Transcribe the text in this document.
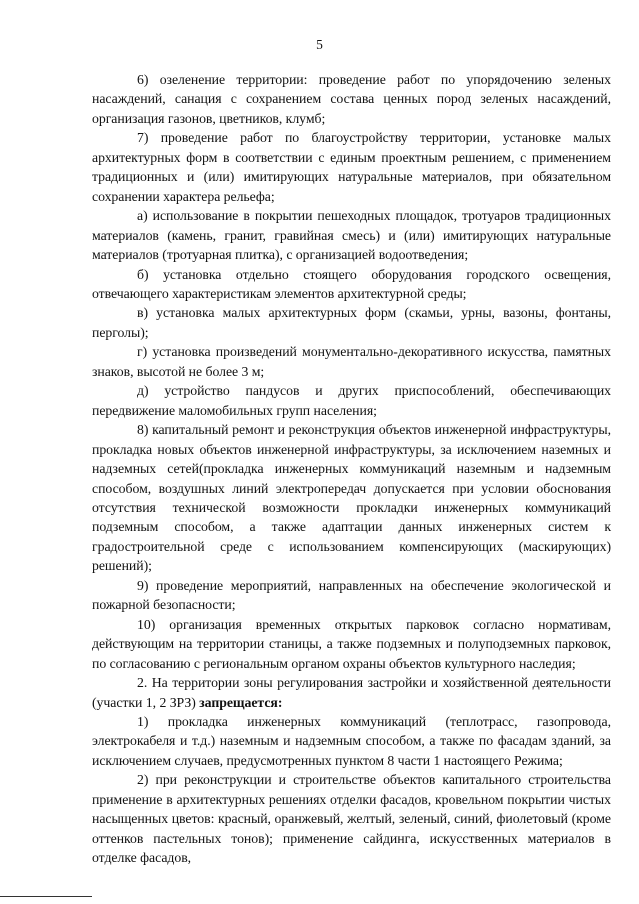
5

6) озеленение территории: проведение работ по упорядочению зеленых насаждений, санация с сохранением состава ценных пород зеленых насаждений, организация газонов, цветников, клумб;

7) проведение работ по благоустройству территории, установке малых архитектурных форм в соответствии с единым проектным решением, с применением традиционных и (или) имитирующих натуральные материалов, при обязательном сохранении характера рельефа;

а) использование в покрытии пешеходных площадок, тротуаров традиционных материалов (камень, гранит, гравийная смесь) и (или) имитирующих натуральные материалов (тротуарная плитка), с организацией водоотведения;

б) установка отдельно стоящего оборудования городского освещения, отвечающего характеристикам элементов архитектурной среды;

в) установка малых архитектурных форм (скамьи, урны, вазоны, фонтаны, перголы);

г) установка произведений монументально-декоративного искусства, памятных знаков, высотой не более 3 м;

д) устройство пандусов и других приспособлений, обеспечивающих передвижение маломобильных групп населения;

8) капитальный ремонт и реконструкция объектов инженерной инфраструктуры, прокладка новых объектов инженерной инфраструктуры, за исключением наземных и надземных сетей(прокладка инженерных коммуникаций наземным и надземным способом, воздушных линий электропередач допускается при условии обоснования отсутствия технической возможности прокладки инженерных коммуникаций подземным способом, а также адаптации данных инженерных систем к градостроительной среде с использованием компенсирующих (маскирующих) решений);

9) проведение мероприятий, направленных на обеспечение экологической и пожарной безопасности;

10) организация временных открытых парковок согласно нормативам, действующим на территории станицы, а также подземных и полуподземных парковок, по согласованию с региональным органом охраны объектов культурного наследия;

2. На территории зоны регулирования застройки и хозяйственной деятельности (участки 1, 2 ЗРЗ) запрещается:

1) прокладка инженерных коммуникаций (теплотрасс, газопровода, электрокабеля и т.д.) наземным и надземным способом, а также по фасадам зданий, за исключением случаев, предусмотренных пунктом 8 части 1 настоящего Режима;

2) при реконструкции и строительстве объектов капитального строительства применение в архитектурных решениях отделки фасадов, кровельном покрытии чистых насыщенных цветов: красный, оранжевый, желтый, зеленый, синий, фиолетовый (кроме оттенков пастельных тонов); применение сайдинга, искусственных материалов в отделке фасадов,
